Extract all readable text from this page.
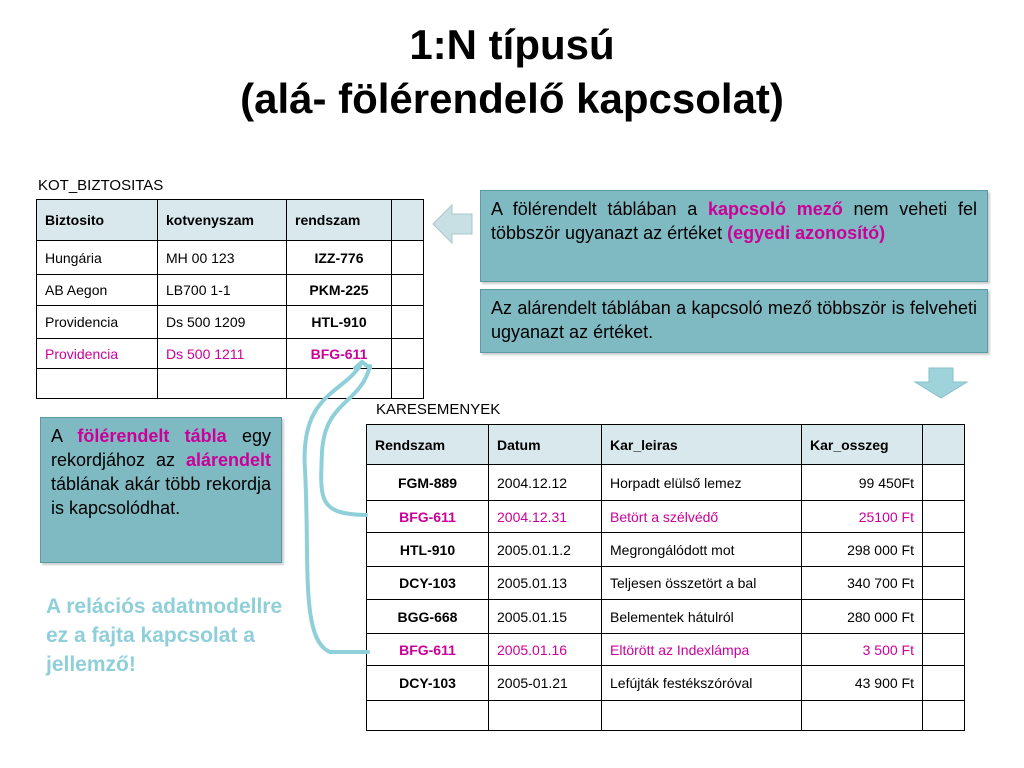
1:N típusú
(alá- fölérendelő kapcsolat)
KOT_BIZTOSITAS
Biztosito	kotvenyszam	rendszam	
Hungária	MH 00 123	IZZ-776	
AB Aegon	LB700 1-1	PKM-225	
Providencia	Ds 500 1209	HTL-910	
Providencia	Ds 500 1211	BFG-611	

KARESEMENYEK
Rendszam	Datum	Kar_leiras	Kar_osszeg	
FGM-889	2004.12.12	Horpadt elülső lemez	99 450Ft	
BFG-611	2004.12.31	Betört a szélvédő	25100 Ft	
HTL-910	2005.01.1.2	Megrongálódott mot	298 000 Ft	
DCY-103	2005.01.13	Teljesen összetört a bal	340 700 Ft	
BGG-668	2005.01.15	Belementek hátulról	280 000 Ft	
BFG-611	2005.01.16	Eltörött az Indexlámpa	3 500 Ft	
DCY-103	2005-01.21	Lefújták festékszóróval	43 900 Ft	

A fölérendelt táblában a kapcsoló mező nem veheti fel többször ugyanazt az értéket (egyedi azonosító)
Az alárendelt táblában a kapcsoló mező többször is felveheti ugyanazt az értéket.
A fölérendelt tábla egy rekordjához az alárendelt táblának akár több rekordja is kapcsolódhat.
A relációs adatmodellre ez a fajta kapcsolat a jellemző!
